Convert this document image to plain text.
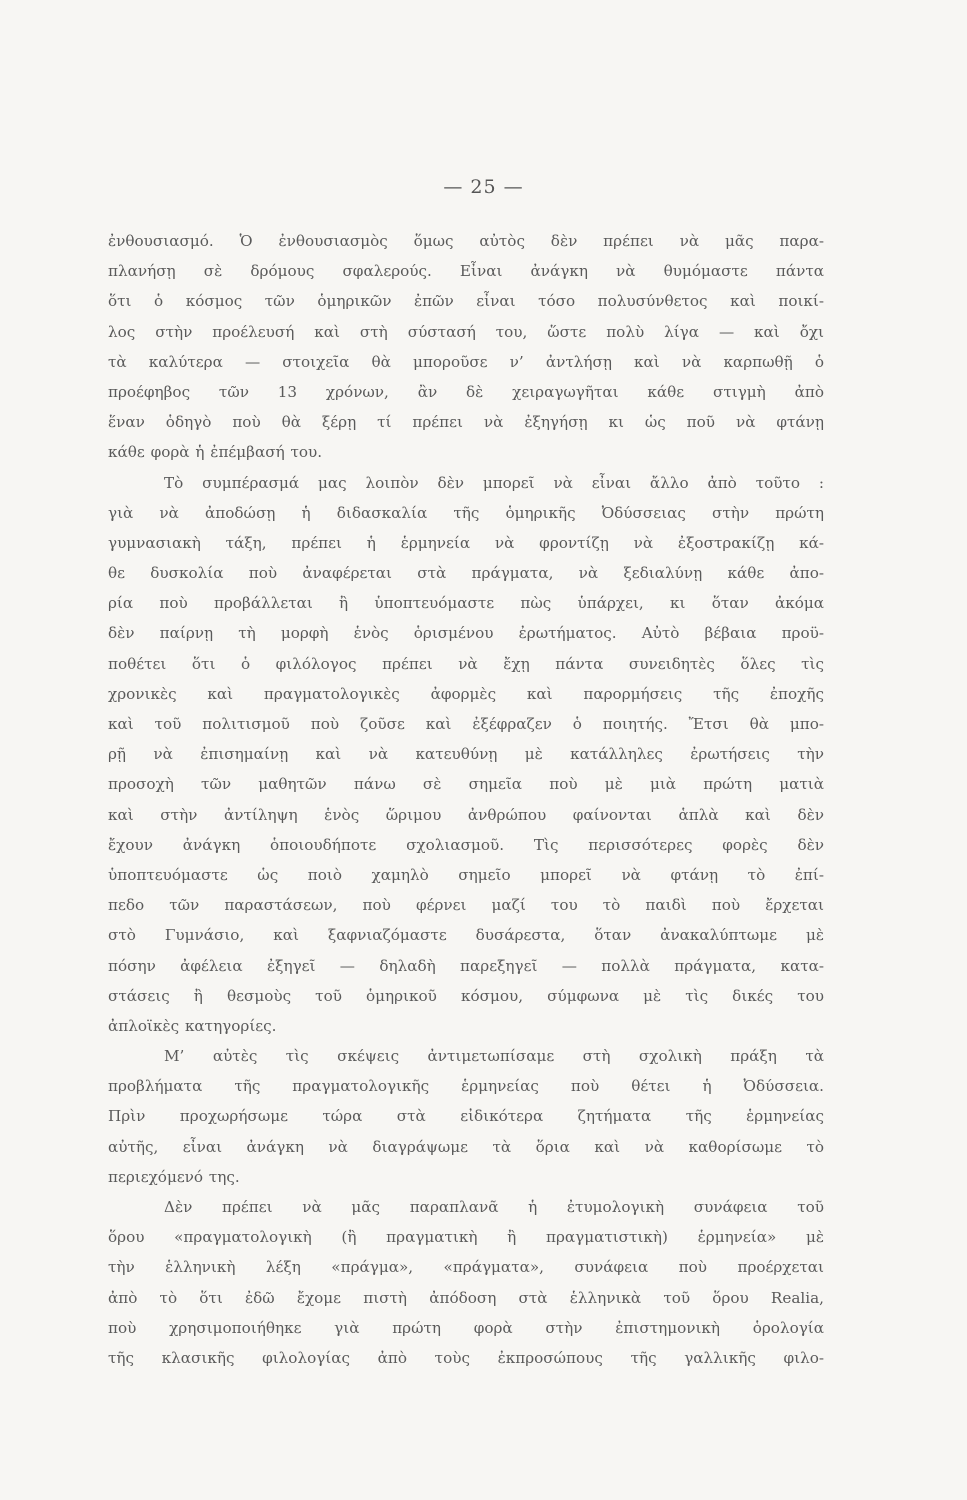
— 25 —
ἐνθουσιασμό. Ὁ ἐνθουσιασμὸς ὅμως αὐτὸς δὲν πρέπει νὰ μᾶς παρα-
πλανήσῃ σὲ δρόμους σφαλερούς. Εἶναι ἀνάγκη νὰ θυμόμαστε πάντα
ὅτι ὁ κόσμος τῶν ὁμηρικῶν ἐπῶν εἶναι τόσο πολυσύνθετος καὶ ποικί-
λος στὴν προέλευσή καὶ στὴ σύστασή του, ὥστε πολὺ λίγα — καὶ ὄχι
τὰ καλύτερα — στοιχεῖα θὰ μποροῦσε ν’ ἀντλήσῃ καὶ νὰ καρπωθῇ ὁ
προέφηβος τῶν 13 χρόνων, ἂν δὲ χειραγωγῆται κάθε στιγμὴ ἀπὸ
ἕναν ὁδηγὸ ποὺ θὰ ξέρῃ τί πρέπει νὰ ἐξηγήσῃ κι ὡς ποῦ νὰ φτάνῃ
κάθε φορὰ ἡ ἐπέμβασή του.
Τὸ συμπέρασμά μας λοιπὸν δὲν μπορεῖ νὰ εἶναι ἄλλο ἀπὸ τοῦτο :
γιὰ νὰ ἀποδώσῃ ἡ διδασκαλία τῆς ὁμηρικῆς Ὀδύσσειας στὴν πρώτη
γυμνασιακὴ τάξη, πρέπει ἡ ἑρμηνεία νὰ φροντίζῃ νὰ ἐξοστρακίζῃ κά-
θε δυσκολία ποὺ ἀναφέρεται στὰ πράγματα, νὰ ξεδιαλύνῃ κάθε ἀπο-
ρία ποὺ προβάλλεται ἢ ὑποπτευόμαστε πὼς ὑπάρχει, κι ὅταν ἀκόμα
δὲν παίρνῃ τὴ μορφὴ ἑνὸς ὁρισμένου ἐρωτήματος. Αὐτὸ βέβαια προϋ-
ποθέτει ὅτι ὁ φιλόλογος πρέπει νὰ ἔχῃ πάντα συνειδητὲς ὅλες τὶς
χρονικὲς καὶ πραγματολογικὲς ἀφορμὲς καὶ παρορμήσεις τῆς ἐποχῆς
καὶ τοῦ πολιτισμοῦ ποὺ ζοῦσε καὶ ἐξέφραζεν ὁ ποιητής. Ἔτσι θὰ μπο-
ρῇ νὰ ἐπισημαίνῃ καὶ νὰ κατευθύνῃ μὲ κατάλληλες ἐρωτήσεις τὴν
προσοχὴ τῶν μαθητῶν πάνω σὲ σημεῖα ποὺ μὲ μιὰ πρώτη ματιὰ
καὶ στὴν ἀντίληψη ἑνὸς ὥριμου ἀνθρώπου φαίνονται ἁπλὰ καὶ δὲν
ἔχουν ἀνάγκη ὁποιουδήποτε σχολιασμοῦ. Τὶς περισσότερες φορὲς δὲν
ὑποπτευόμαστε ὡς ποιὸ χαμηλὸ σημεῖο μπορεῖ νὰ φτάνῃ τὸ ἐπί-
πεδο τῶν παραστάσεων, ποὺ φέρνει μαζί του τὸ παιδὶ ποὺ ἔρχεται
στὸ Γυμνάσιο, καὶ ξαφνιαζόμαστε δυσάρεστα, ὅταν ἀνακαλύπτωμε μὲ
πόσην ἀφέλεια ἐξηγεῖ — δηλαδὴ παρεξηγεῖ — πολλὰ πράγματα, κατα-
στάσεις ἢ θεσμοὺς τοῦ ὁμηρικοῦ κόσμου, σύμφωνα μὲ τὶς δικές του
ἀπλοϊκὲς κατηγορίες.
Μ’ αὐτὲς τὶς σκέψεις ἀντιμετωπίσαμε στὴ σχολικὴ πράξη τὰ
προβλήματα τῆς πραγματολογικῆς ἑρμηνείας ποὺ θέτει ἡ Ὀδύσσεια.
Πρὶν προχωρήσωμε τώρα στὰ εἰδικότερα ζητήματα τῆς ἑρμηνείας
αὐτῆς, εἶναι ἀνάγκη νὰ διαγράψωμε τὰ ὅρια καὶ νὰ καθορίσωμε τὸ
περιεχόμενό της.
Δὲν πρέπει νὰ μᾶς παραπλανᾶ ἡ ἐτυμολογικὴ συνάφεια τοῦ
ὅρου «πραγματολογικὴ (ἢ πραγματικὴ ἢ πραγματιστικὴ) ἑρμηνεία» μὲ
τὴν ἑλληνικὴ λέξη «πράγμα», «πράγματα», συνάφεια ποὺ προέρχεται
ἀπὸ τὸ ὅτι ἐδῶ ἔχομε πιστὴ ἀπόδοση στὰ ἑλληνικὰ τοῦ ὅρου Realia,
ποὺ χρησιμοποιήθηκε γιὰ πρώτη φορὰ στὴν ἐπιστημονικὴ ὁρολογία
τῆς κλασικῆς φιλολογίας ἀπὸ τοὺς ἐκπροσώπους τῆς γαλλικῆς φιλο-
